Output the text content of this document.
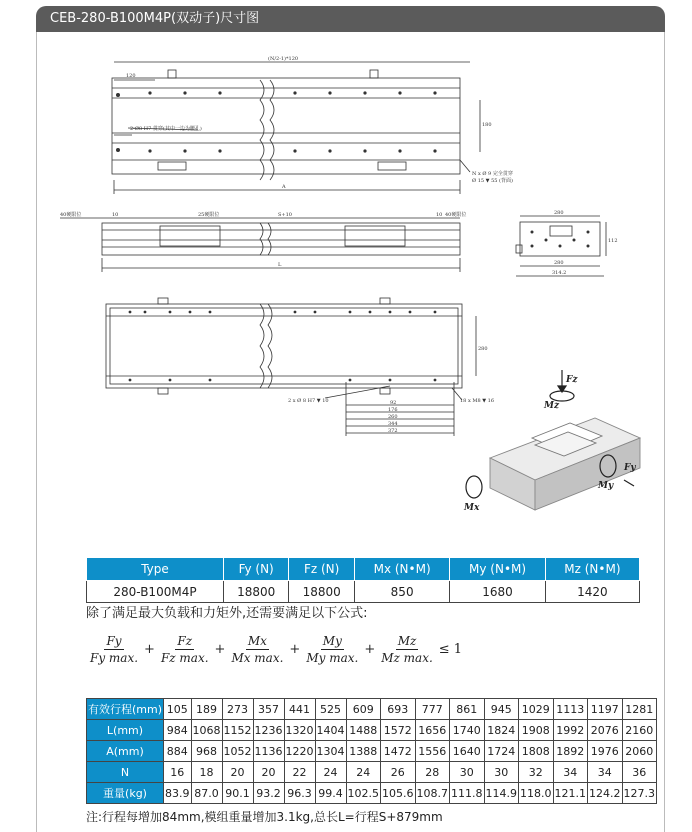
CEB-280-B100M4P(双动子)尺寸图
(N/2-1)*120
120
2-Ø8 H7 贯穿(其中一边为腰孔)
180
A
N x Ø 9 完全贯穿
Ø 15 ▼ 55 (背面)
40硬限位	10	25硬限位	S+10	10 40硬限位
L
280
112
280
314.2
280
2 x Ø 8 H7 ▼ 10	18 x M8 ▼ 16
92
176
260
344
372
Fz
Mz
Fy
My
Mx
Type	Fy (N)	Fz (N)	Mx (N•M)	My (N•M)	Mz (N•M)
280-B100M4P	18800	18800	850	1680	1420
除了满足最大负载和力矩外,还需要满足以下公式:
$\frac{Fy}{\text{Fy max.}} + \frac{Fz}{\text{Fz max.}} + \frac{Mx}{\text{Mx max.}} + \frac{My}{\text{My max.}} + \frac{Mz}{\text{Mz max.}} \le 1$
有效行程(mm)	105	189	273	357	441	525	609	693	777	861	945	1029	1113	1197	1281
L(mm)	984	1068	1152	1236	1320	1404	1488	1572	1656	1740	1824	1908	1992	2076	2160
A(mm)	884	968	1052	1136	1220	1304	1388	1472	1556	1640	1724	1808	1892	1976	2060
N	16	18	20	20	22	24	24	26	28	30	30	32	34	34	36
重量(kg)	83.9	87.0	90.1	93.2	96.3	99.4	102.5	105.6	108.7	111.8	114.9	118.0	121.1	124.2	127.3
注:行程每增加84mm,模组重量增加3.1kg,总长L=行程S+879mm
